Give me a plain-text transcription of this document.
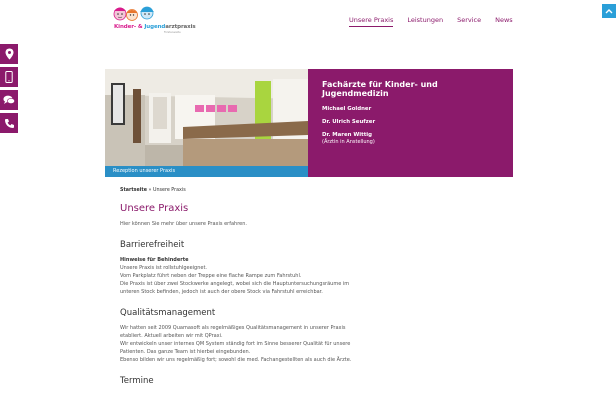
Kinder- & Jugendarztpraxis
Fürstenwalde
Unsere Praxis Leistungen Service News
Rezeption unserer Praxis
Fachärzte für Kinder- und Jugendmedizin
Michael Goldner
Dr. Ulrich Seufzer
Dr. Maren Wittig
(Ärztin in Anstellung)
Startseite » Unsere Praxis
Unsere Praxis
Hier können Sie mehr über unsere Praxis erfahren.
Barrierefreiheit
Hinweise für Behinderte
Unsere Praxis ist rollstuhlgeeignet.
Vom Parkplatz führt neben der Treppe eine flache Rampe zum Fahrstuhl.
Die Praxis ist über zwei Stockwerke angelegt, wobei sich die Hauptuntersuchungsräume im unteren Stock befinden, jedoch ist auch der obere Stock via Fahrstuhl erreichbar.
Qualitätsmanagement
Wir hatten seit 2009 Quamasoft als regelmäßiges Qualitätsmanagement in unserer Praxis etabliert. Aktuell arbeiten wir mit QPraxi.
Wir entwickeln unser internes QM System ständig fort im Sinne besserer Qualität für unsere Patienten. Das ganze Team ist hierbei eingebunden.
Ebenso bilden wir uns regelmäßig fort; sowohl die med. Fachangestellten als auch die Ärzte.
Termine
